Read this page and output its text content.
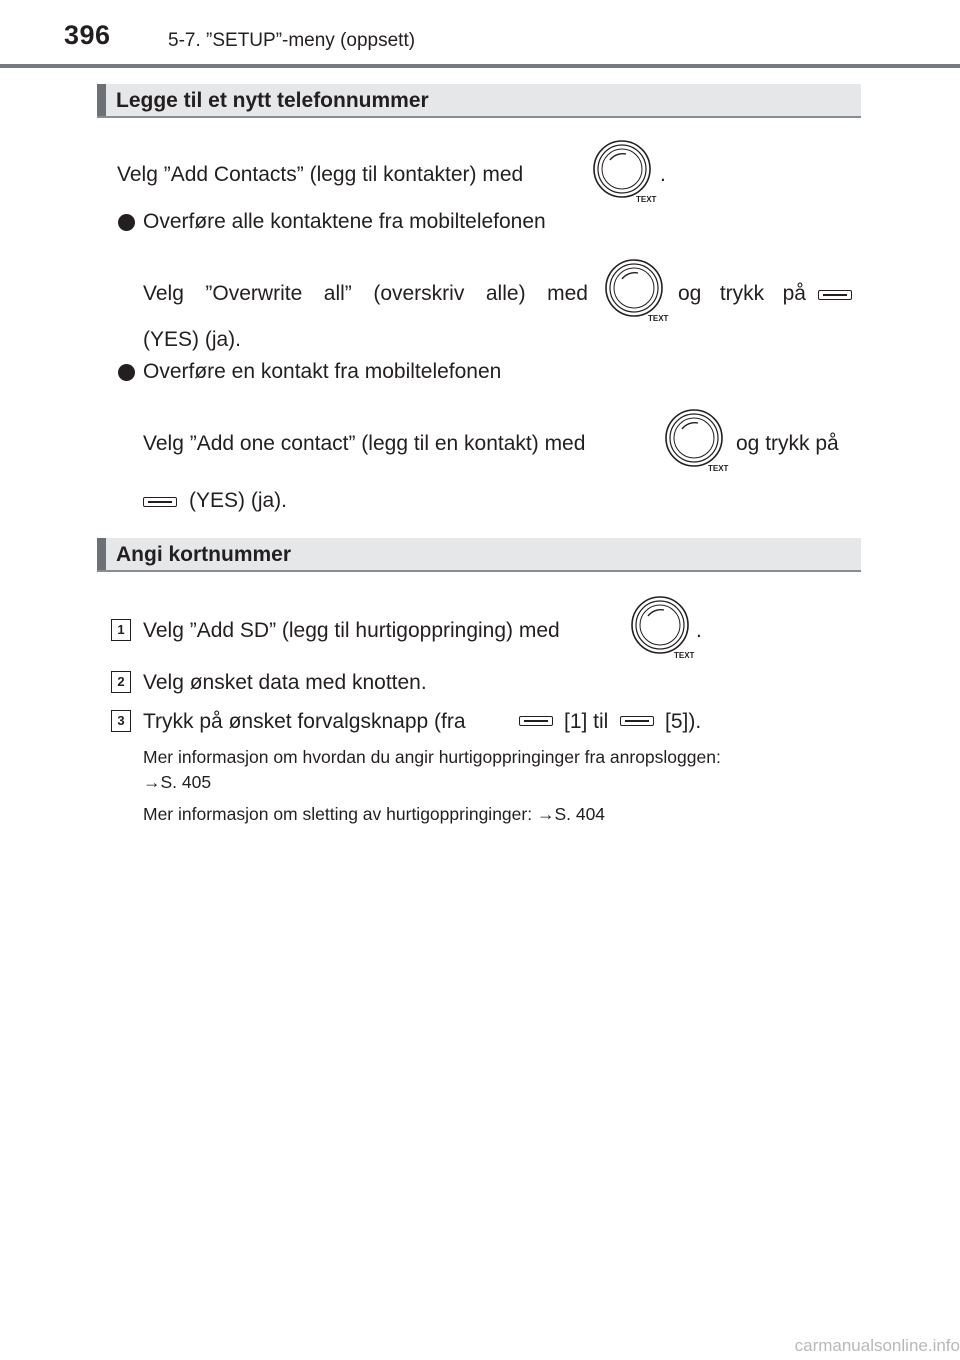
396	5-7. ”SETUP”-meny (oppsett)
Legge til et nytt telefonnummer
Velg ”Add Contacts” (legg til kontakter) med
TEXT
.
Overføre alle kontaktene fra mobiltelefonen
Velg ”Overwrite all” (overskriv alle) med
TEXT
og trykk på
(YES) (ja).
Overføre en kontakt fra mobiltelefonen
Velg ”Add one contact” (legg til en kontakt) med
TEXT
og trykk på
(YES) (ja).
Angi kortnummer
1 Velg ”Add SD” (legg til hurtigoppringing) med
TEXT
.
2 Velg ønsket data med knotten.
3 Trykk på ønsket forvalgsknapp (fra	[1] til	[5]).
Mer informasjon om hvordan du angir hurtigoppringinger fra anropsloggen:
→S. 405
Mer informasjon om sletting av hurtigoppringinger: →S. 404
carmanualsonline.info
